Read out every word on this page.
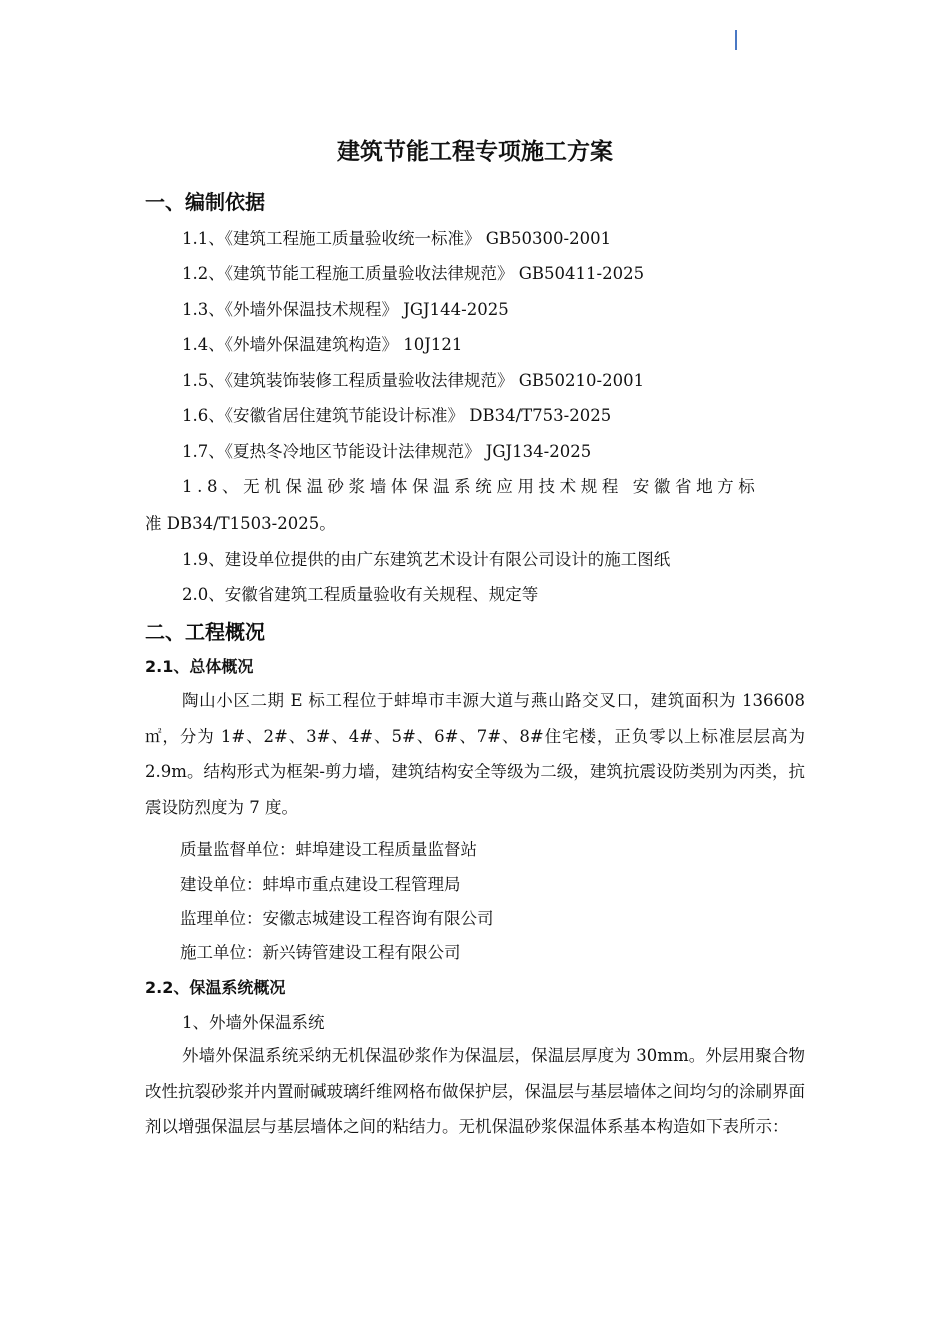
建筑节能工程专项施工方案
一、编制依据
1.1、《建筑工程施工质量验收统一标准》 GB50300-2001
1.2、《建筑节能工程施工质量验收法律规范》 GB50411-2025
1.3、《外墙外保温技术规程》 JGJ144-2025
1.4、《外墙外保温建筑构造》 10J121
1.5、《建筑装饰装修工程质量验收法律规范》 GB50210-2001
1.6、《安徽省居住建筑节能设计标准》 DB34/T753-2025
1.7、《夏热冬冷地区节能设计法律规范》 JGJ134-2025
1.8、无机保温砂浆墙体保温系统应用技术规程 安徽省地方标
准 DB34/T1503-2025。
1.9、建设单位提供的由广东建筑艺术设计有限公司设计的施工图纸
2.0、安徽省建筑工程质量验收有关规程、规定等
二、工程概况
2.1、总体概况
陶山小区二期 E 标工程位于蚌埠市丰源大道与燕山路交叉口，建筑面积为 136608㎡，分为 1#、2#、3#、4#、5#、6#、7#、8#住宅楼，正负零以上标准层层高为 2.9m。结构形式为框架-剪力墙，建筑结构安全等级为二级，建筑抗震设防类别为丙类，抗震设防烈度为 7 度。
质量监督单位：蚌埠建设工程质量监督站
建设单位：蚌埠市重点建设工程管理局
监理单位：安徽志城建设工程咨询有限公司
施工单位：新兴铸管建设工程有限公司
2.2、保温系统概况
1、外墙外保温系统
外墙外保温系统采纳无机保温砂浆作为保温层，保温层厚度为 30mm。外层用聚合物改性抗裂砂浆并内置耐碱玻璃纤维网格布做保护层，保温层与基层墙体之间均匀的涂刷界面剂以增强保温层与基层墙体之间的粘结力。无机保温砂浆保温体系基本构造如下表所示：
